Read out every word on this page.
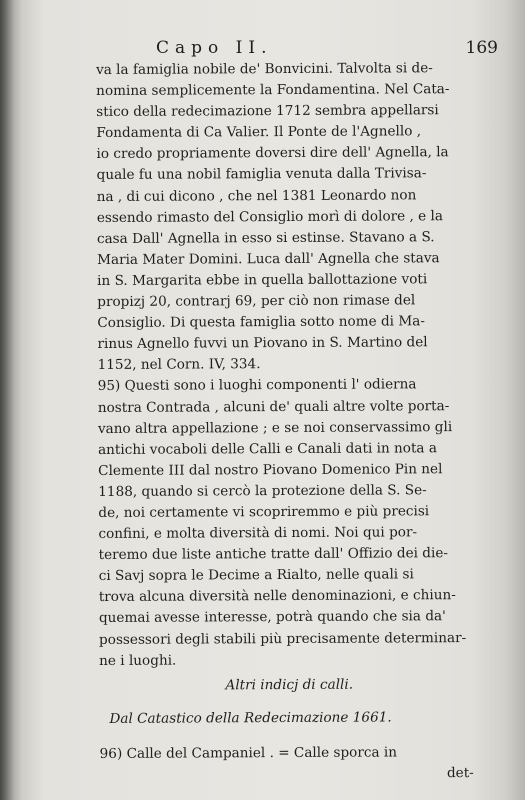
Capo II.	169
va la famiglia nobile de' Bonvicini. Talvolta si de-
nomina semplicemente la Fondamentina. Nel Cata-
stico della redecimazione 1712 sembra appellarsi
Fondamenta di Ca Valier. Il Ponte de l'Agnello ,
io credo propriamente doversi dire dell' Agnella, la
quale fu una nobil famiglia venuta dalla Trivisa-
na , di cui dicono , che nel 1381 Leonardo non
essendo rimasto del Consiglio morì di dolore , e la
casa Dall' Agnella in esso si estinse. Stavano a S.
Maria Mater Domini. Luca dall' Agnella che stava
in S. Margarita ebbe in quella ballottazione voti
propizj 20, contrarj 69, per ciò non rimase del
Consiglio. Di questa famiglia sotto nome di Ma-
rinus Agnello fuvvi un Piovano in S. Martino del
1152, nel Corn. IV, 334.
95) Questi sono i luoghi componenti l' odierna
nostra Contrada , alcuni de' quali altre volte porta-
vano altra appellazione ; e se noi conservassimo gli
antichi vocaboli delle Calli e Canali dati in nota a
Clemente III dal nostro Piovano Domenico Pin nel
1188, quando si cercò la protezione della S. Se-
de, noi certamente vi scopriremmo e più precisi
confini, e molta diversità di nomi. Noi qui por-
teremo due liste antiche tratte dall' Offizio dei die-
ci Savj sopra le Decime a Rialto, nelle quali si
trova alcuna diversità nelle denominazioni, e chiun-
quemai avesse interesse, potrà quando che sia da'
possessori degli stabili più precisamente determinar-
ne i luoghi.
Altri indicj di calli.
Dal Catastico della Redecimazione 1661.
96) Calle del Campaniel . = Calle sporca in
det-
